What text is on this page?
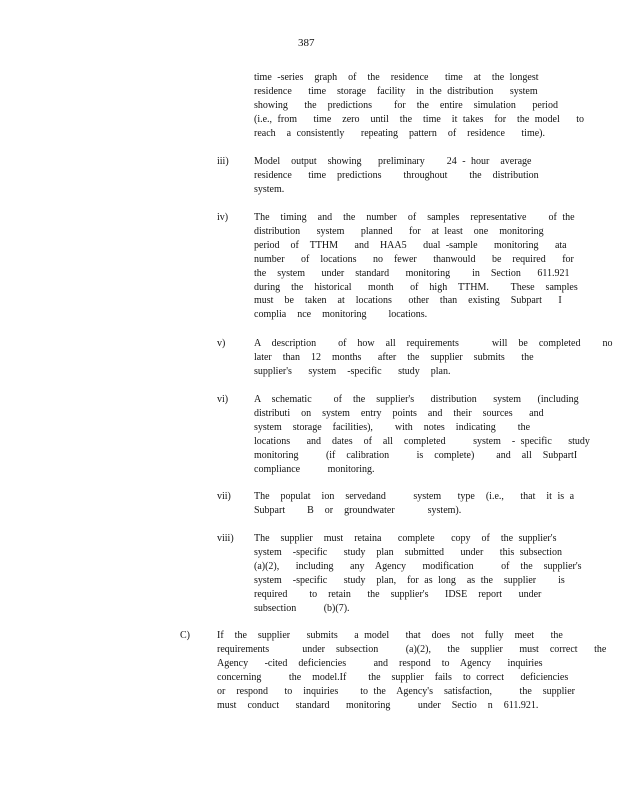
387
time -series  graph  of  the  residence   time  at  the longest
residence   time  storage  facility  in the distribution   system
showing   the  predictions    for  the  entire  simulation   period
(i.e., from   time  zero  until  the  time  it takes  for  the model   to
reach  a consistently   repeating  pattern  of  residence   time).
iii)	Model  output  showing   preliminary    24 - hour  average
residence   time  predictions    throughout    the  distribution
system.
iv)	The  timing  and  the  number  of  samples  representative    of the
distribution   system   planned   for  at least  one  monitoring
period  of  TTHM   and  HAA5   dual -sample   monitoring   ata
number   of  locations   no  fewer   thanwould   be  required   for
the  system   under  standard   monitoring    in  Section   611.921
during  the  historical   month   of  high  TTHM.    These  samples
must  be  taken  at  locations   other  than  existing  Subpart   I
complia  nce  monitoring    locations.
v)	A  description    of  how  all  requirements      will  be  completed    no
later  than  12  months   after  the  supplier  submits   the
supplier's   system  -specific   study  plan.
vi)	A  schematic    of  the  supplier's   distribution   system   (including
distributi  on  system  entry  points  and  their  sources   and
system  storage  facilities),    with  notes  indicating    the
locations   and  dates  of  all  completed     system  - specific   study
monitoring     (if  calibration     is  complete)    and  all  SubpartI
compliance     monitoring.
vii) The  populat  ion  servedand     system   type  (i.e.,   that  it is a
Subpart    B  or  groundwater      system).
viii) The  supplier  must  retaina   complete   copy  of  the supplier's
system  -specific   study  plan  submitted   under   this subsection
(a)(2),   including   any  Agency   modification     of  the  supplier's
system  -specific   study  plan,  for as long  as the  supplier    is
required    to  retain   the  supplier's   IDSE  report   under
subsection     (b)(7).
C)	If  the  supplier   submits   a model   that  does  not  fully  meet   the
requirements      under  subsection     (a)(2),   the  supplier   must  correct   the
Agency   -cited  deficiencies     and  respond  to  Agency   inquiries
concerning     the  model.If    the  supplier  fails  to correct   deficiencies
or  respond   to  inquiries    to the  Agency's  satisfaction,     the  supplier
must  conduct   standard   monitoring     under  Sectio  n  611.921.
